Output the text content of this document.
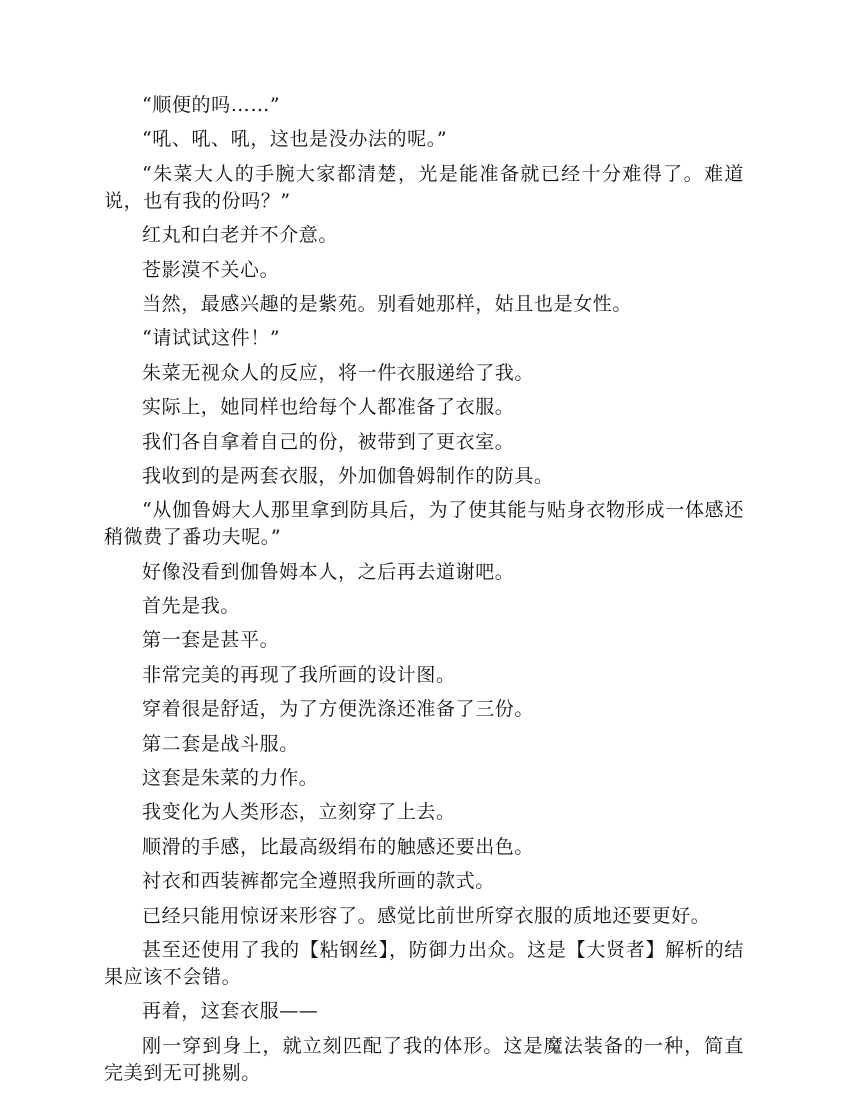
“顺便的吗……”

“吼、吼、吼，这也是没办法的呢。”

“朱菜大人的手腕大家都清楚，光是能准备就已经十分难得了。难道说，也有我的份吗？”

红丸和白老并不介意。

苍影漠不关心。

当然，最感兴趣的是紫苑。别看她那样，姑且也是女性。

“请试试这件！”

朱菜无视众人的反应，将一件衣服递给了我。

实际上，她同样也给每个人都准备了衣服。

我们各自拿着自己的份，被带到了更衣室。

我收到的是两套衣服，外加伽鲁姆制作的防具。

“从伽鲁姆大人那里拿到防具后，为了使其能与贴身衣物形成一体感还稍微费了番功夫呢。”

好像没看到伽鲁姆本人，之后再去道谢吧。

首先是我。

第一套是甚平。

非常完美的再现了我所画的设计图。

穿着很是舒适，为了方便洗涤还准备了三份。

第二套是战斗服。

这套是朱菜的力作。

我变化为人类形态，立刻穿了上去。

顺滑的手感，比最高级绢布的触感还要出色。

衬衣和西装裤都完全遵照我所画的款式。

已经只能用惊讶来形容了。感觉比前世所穿衣服的质地还要更好。

甚至还使用了我的【粘钢丝】，防御力出众。这是【大贤者】解析的结果应该不会错。

再着，这套衣服——

刚一穿到身上，就立刻匹配了我的体形。这是魔法装备的一种，简直完美到无可挑剔。
